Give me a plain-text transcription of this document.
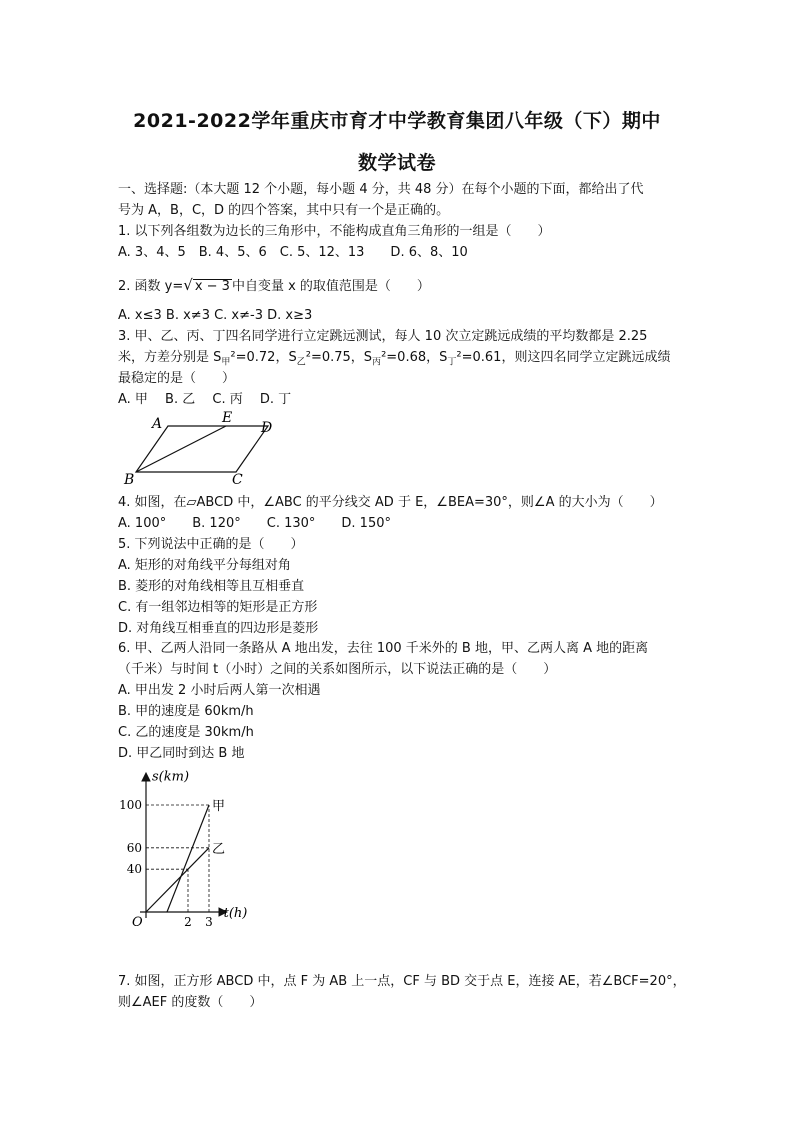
2021-2022学年重庆市育才中学教育集团八年级（下）期中
数学试卷
一、选择题:（本大题 12 个小题，每小题 4 分，共 48 分）在每个小题的下面，都给出了代
号为 A，B，C，D 的四个答案，其中只有一个是正确的。
1. 以下列各组数为边长的三角形中，不能构成直角三角形的一组是（　　）
A. 3、4、5　B. 4、5、6　C. 5、12、13　　D. 6、8、10
2. 函数 y=√ x − 3 中自变量 x 的取值范围是（　　）
A. x≤3 B. x≠3 C. x≠-3 D. x≥3
3. 甲、乙、丙、丁四名同学进行立定跳远测试，每人 10 次立定跳远成绩的平均数都是 2.25
米，方差分别是 $S_甲^2=0.72$，$S_乙^2=0.75$，$S_丙^2=0.68$，$S_丁^2=0.61$，则这四名同学立定跳远成绩
最稳定的是（　　）
A. 甲　 B. 乙　 C. 丙　 D. 丁
A	E
D
B	C
4. 如图，在▱ABCD 中，∠ABC 的平分线交 AD 于 E，∠BEA=30°，则∠A 的大小为（　　）
A. 100°　　B. 120°　　C. 130°　　D. 150°
5. 下列说法中正确的是（　　）
A. 矩形的对角线平分每组对角
B. 菱形的对角线相等且互相垂直
C. 有一组邻边相等的矩形是正方形
D. 对角线互相垂直的四边形是菱形
6. 甲、乙两人沿同一条路从 A 地出发，去往 100 千米外的 B 地，甲、乙两人离 A 地的距离
（千米）与时间 t（小时）之间的关系如图所示，以下说法正确的是（　　）
A. 甲出发 2 小时后两人第一次相遇
B. 甲的速度是 60km/h
C. 乙的速度是 30km/h
D. 甲乙同时到达 B 地
s(km)
t(h)
O
100
60
40
2 3
甲
乙
7. 如图，正方形 ABCD 中，点 F 为 AB 上一点，CF 与 BD 交于点 E，连接 AE，若∠BCF=20°，
则∠AEF 的度数（　　）
